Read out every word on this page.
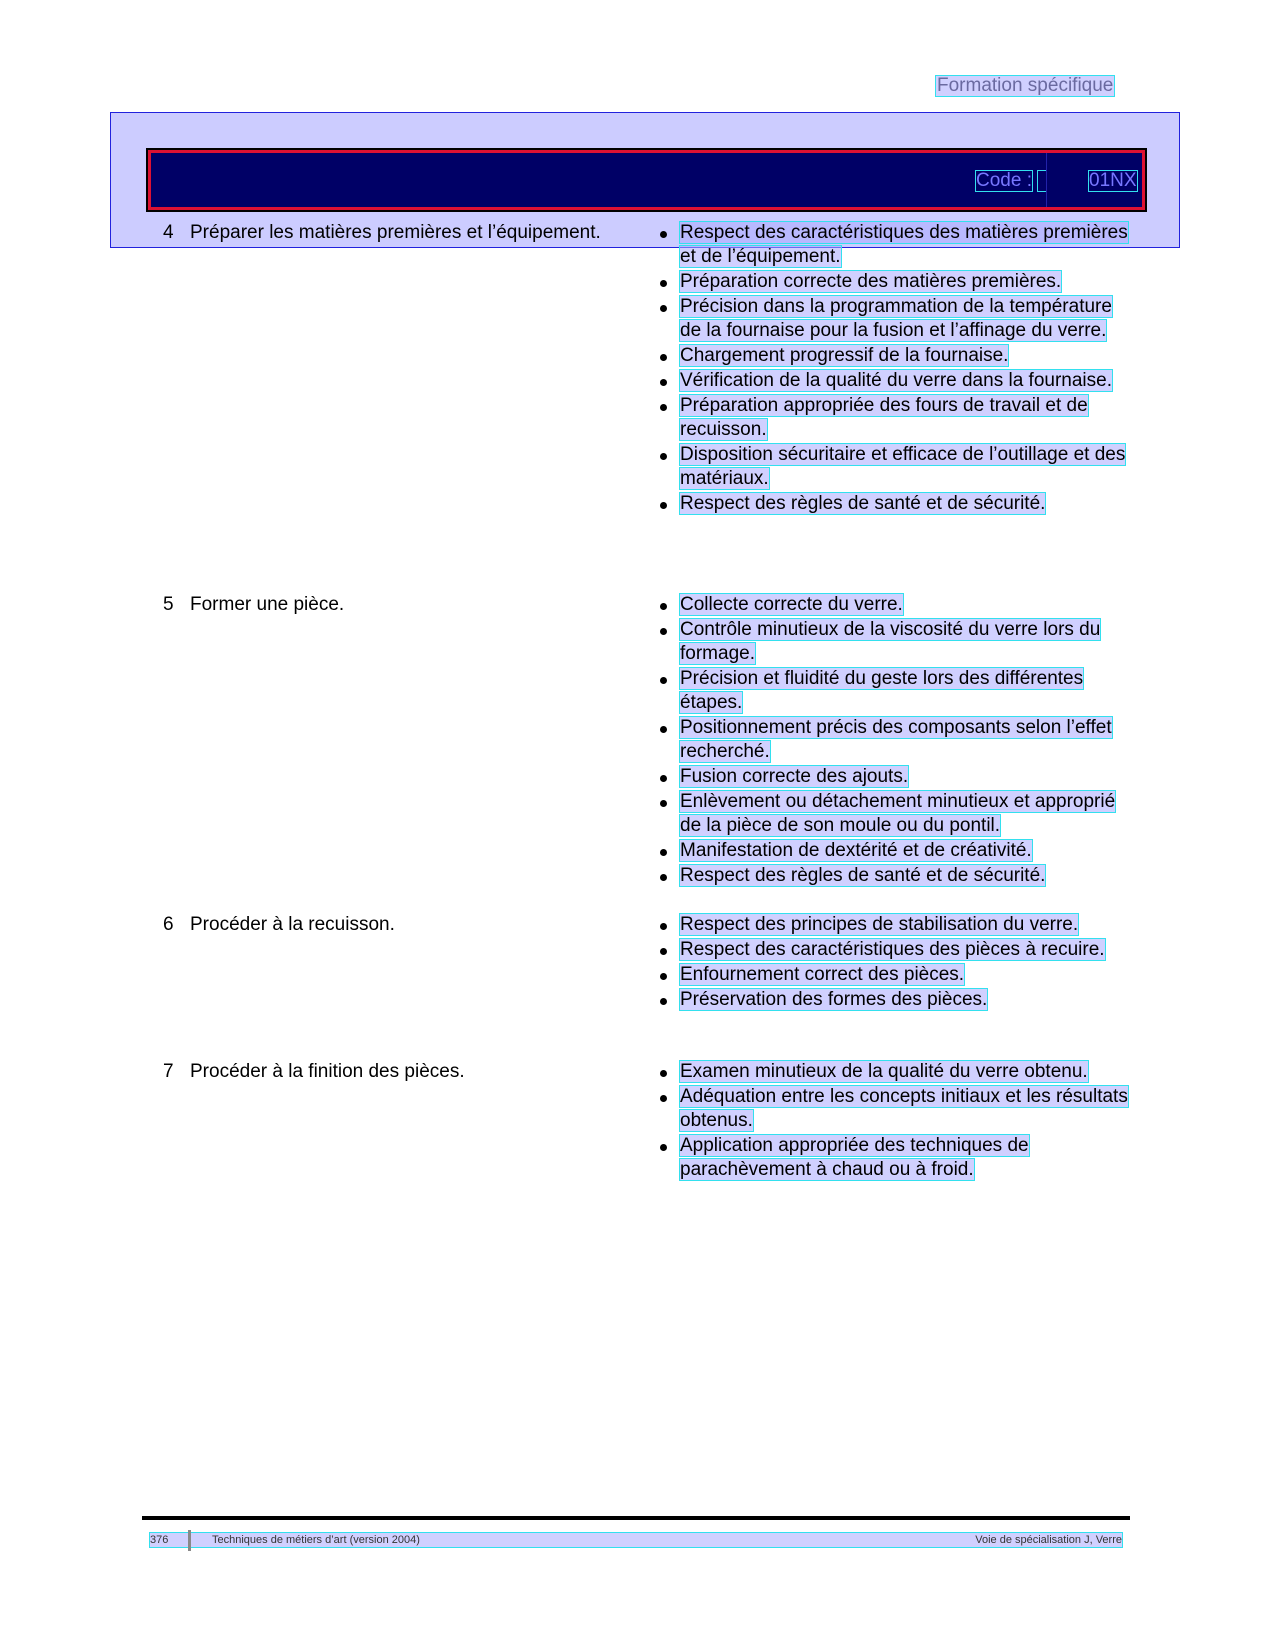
Formation spécifique
Code :	01NX
4 Préparer les matières premières et l’équipement.	Respect des caractéristiques des matières premières et de l’équipement.
Préparation correcte des matières premières.
Précision dans la programmation de la température de la fournaise pour la fusion et l’affinage du verre.
Chargement progressif de la fournaise.
Vérification de la qualité du verre dans la fournaise.
Préparation appropriée des fours de travail et de recuisson.
Disposition sécuritaire et efficace de l’outillage et des matériaux.
Respect des règles de santé et de sécurité.
5 Former une pièce.	Collecte correcte du verre.
Contrôle minutieux de la viscosité du verre lors du formage.
Précision et fluidité du geste lors des différentes étapes.
Positionnement précis des composants selon l’effet recherché.
Fusion correcte des ajouts.
Enlèvement ou détachement minutieux et approprié de la pièce de son moule ou du pontil.
Manifestation de dextérité et de créativité.
Respect des règles de santé et de sécurité.
6 Procéder à la recuisson.	Respect des principes de stabilisation du verre.
Respect des caractéristiques des pièces à recuire.
Enfournement correct des pièces.
Préservation des formes des pièces.
7 Procéder à la finition des pièces.	Examen minutieux de la qualité du verre obtenu.
Adéquation entre les concepts initiaux et les résultats obtenus.
Application appropriée des techniques de parachèvement à chaud ou à froid.
376	Techniques de métiers d’art (version 2004)	Voie de spécialisation J, Verre
